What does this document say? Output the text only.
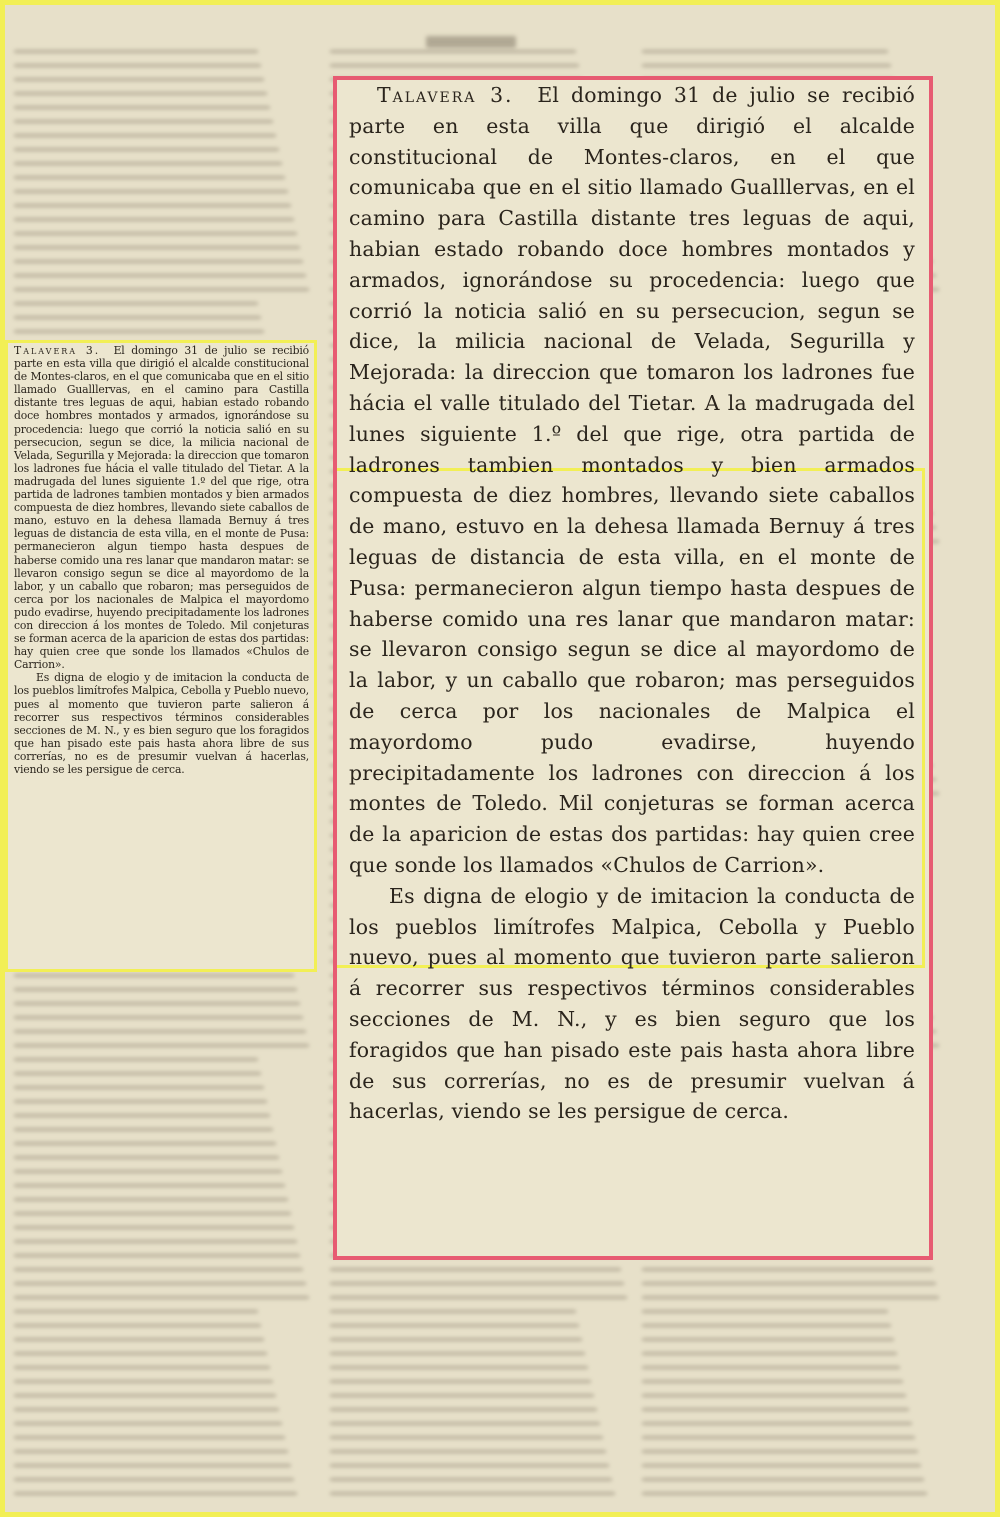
Talavera 3. El domingo 31 de julio se recibió parte en esta villa que dirigió el alcalde constitucional de Montes-claros, en el que comunicaba que en el sitio llamado Gualllervas, en el camino para Castilla distante tres leguas de aqui, habian estado robando doce hombres montados y armados, ignorándose su procedencia: luego que corrió la noticia salió en su persecucion, segun se dice, la milicia nacional de Velada, Segurilla y Mejorada: la direccion que tomaron los ladrones fue hácia el valle titulado del Tietar. A la madrugada del lunes siguiente 1.º del que rige, otra partida de ladrones tambien montados y bien armados compuesta de diez hombres, llevando siete caballos de mano, estuvo en la dehesa llamada Bernuy á tres leguas de distancia de esta villa, en el monte de Pusa: permanecieron algun tiempo hasta despues de haberse comido una res lanar que mandaron matar: se llevaron consigo segun se dice al mayordomo de la labor, y un caballo que robaron; mas perseguidos de cerca por los nacionales de Malpica el mayordomo pudo evadirse, huyendo precipitadamente los ladrones con direccion á los montes de Toledo. Mil conjeturas se forman acerca de la aparicion de estas dos partidas: hay quien cree que sonde los llamados «Chulos de Carrion».

Es digna de elogio y de imitacion la conducta de los pueblos limítrofes Malpica, Cebolla y Pueblo nuevo, pues al momento que tuvieron parte salieron á recorrer sus respectivos términos considerables secciones de M. N., y es bien seguro que los foragidos que han pisado este pais hasta ahora libre de sus correrías, no es de presumir vuelvan á hacerlas, viendo se les persigue de cerca.

Talavera 3. El domingo 31 de julio se recibió parte en esta villa que dirigió el alcalde constitucional de Montes-claros, en el que comunicaba que en el sitio llamado Gualllervas, en el camino para Castilla distante tres leguas de aqui, habian estado robando doce hombres montados y armados, ignorándose su procedencia: luego que corrió la noticia salió en su persecucion, segun se dice, la milicia nacional de Velada, Segurilla y Mejorada: la direccion que tomaron los ladrones fue hácia el valle titulado del Tietar. A la madrugada del lunes siguiente 1.º del que rige, otra partida de ladrones tambien montados y bien armados compuesta de diez hombres, llevando siete caballos de mano, estuvo en la dehesa llamada Bernuy á tres leguas de distancia de esta villa, en el monte de Pusa: permanecieron algun tiempo hasta despues de haberse comido una res lanar que mandaron matar: se llevaron consigo segun se dice al mayordomo de la labor, y un caballo que robaron; mas perseguidos de cerca por los nacionales de Malpica el mayordomo pudo evadirse, huyendo precipitadamente los ladrones con direccion á los montes de Toledo. Mil conjeturas se forman acerca de la aparicion de estas dos partidas: hay quien cree que sonde los llamados «Chulos de Carrion».

Es digna de elogio y de imitacion la conducta de los pueblos limítrofes Malpica, Cebolla y Pueblo nuevo, pues al momento que tuvieron parte salieron á recorrer sus respectivos términos considerables secciones de M. N., y es bien seguro que los foragidos que han pisado este pais hasta ahora libre de sus correrías, no es de presumir vuelvan á hacerlas, viendo se les persigue de cerca.
